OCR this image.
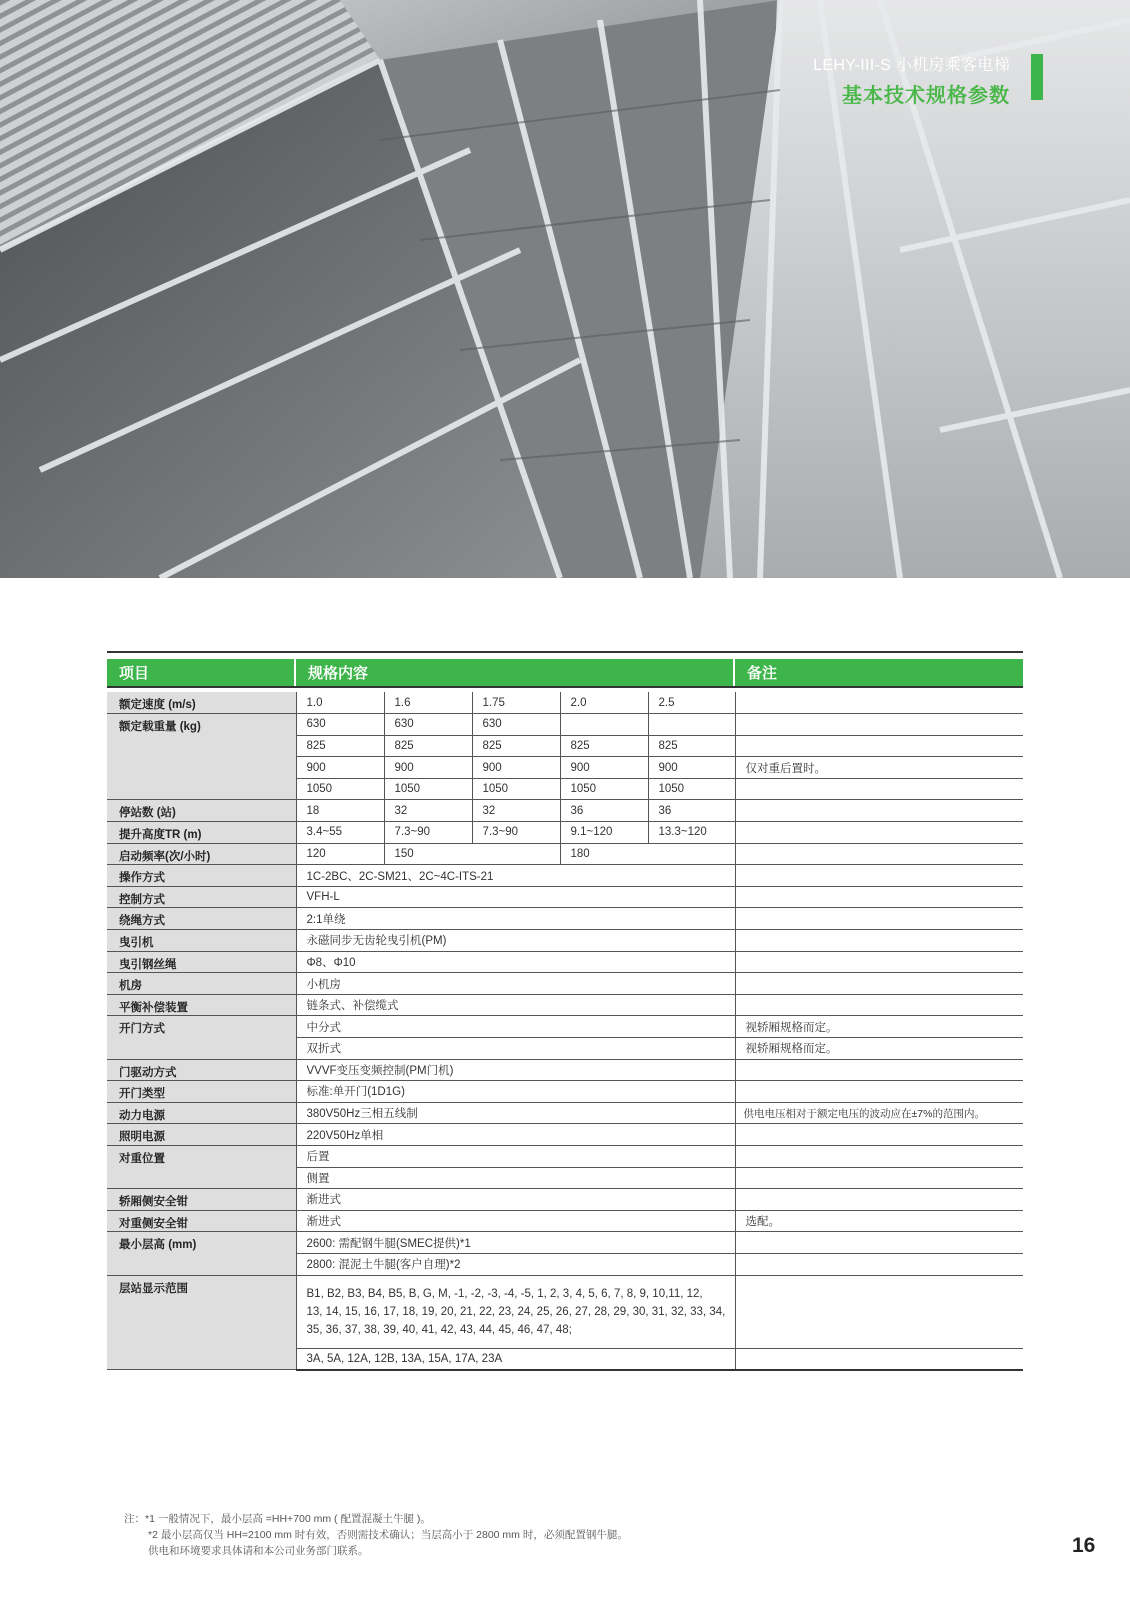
LEHY-III-S 小机房乘客电梯
基本技术规格参数
项目	规格内容	备注
额定速度 (m/s)	1.0	1.6	1.75	2.0	2.5	
额定载重量 (kg)	630	630	630			
	825	825	825	825	825	
	900	900	900	900	900	仅对重后置时。
	1050	1050	1050	1050	1050	
停站数 (站)	18	32	32	36	36	
提升高度TR (m)	3.4~55	7.3~90	7.3~90	9.1~120	13.3~120	
启动频率(次/小时)	120	150		180		
操作方式	1C-2BC、2C-SM21、2C~4C-ITS-21					
控制方式	VFH-L					
绕绳方式	2:1单绕					
曳引机	永磁同步无齿轮曳引机(PM)					
曳引钢丝绳	Φ8、Φ10					
机房	小机房					
平衡补偿装置	链条式、补偿缆式					
开门方式	中分式					视轿厢规格而定。
	双折式					视轿厢规格而定。
门驱动方式	VVVF变压变频控制(PM门机)					
开门类型	标准:单开门(1D1G)					
动力电源	380V50Hz三相五线制					供电电压相对于额定电压的波动应在±7%的范围内。
照明电源	220V50Hz单相					
对重位置	后置					
	侧置					
轿厢侧安全钳	渐进式					
对重侧安全钳	渐进式					选配。
最小层高 (mm)	2600: 需配钢牛腿(SMEC提供)*1					
	2800: 混泥土牛腿(客户自理)*2					
层站显示范围	B1, B2, B3, B4, B5, B, G, M, -1, -2, -3, -4, -5, 1, 2, 3, 4, 5, 6, 7, 8, 9, 10,11, 12,
13, 14, 15, 16, 17, 18, 19, 20, 21, 22, 23, 24, 25, 26, 27, 28, 29, 30, 31, 32, 33, 34,
35, 36, 37, 38, 39, 40, 41, 42, 43, 44, 45, 46, 47, 48;					

	3A, 5A, 12A, 12B, 13A, 15A, 17A, 23A					
注：*1 一般情况下，最小层高 =HH+700 mm ( 配置混凝土牛腿 )。
*2 最小层高仅当 HH=2100 mm 时有效，否则需技术确认；当层高小于 2800 mm 时，必须配置钢牛腿。
供电和环境要求具体请和本公司业务部门联系。	16
